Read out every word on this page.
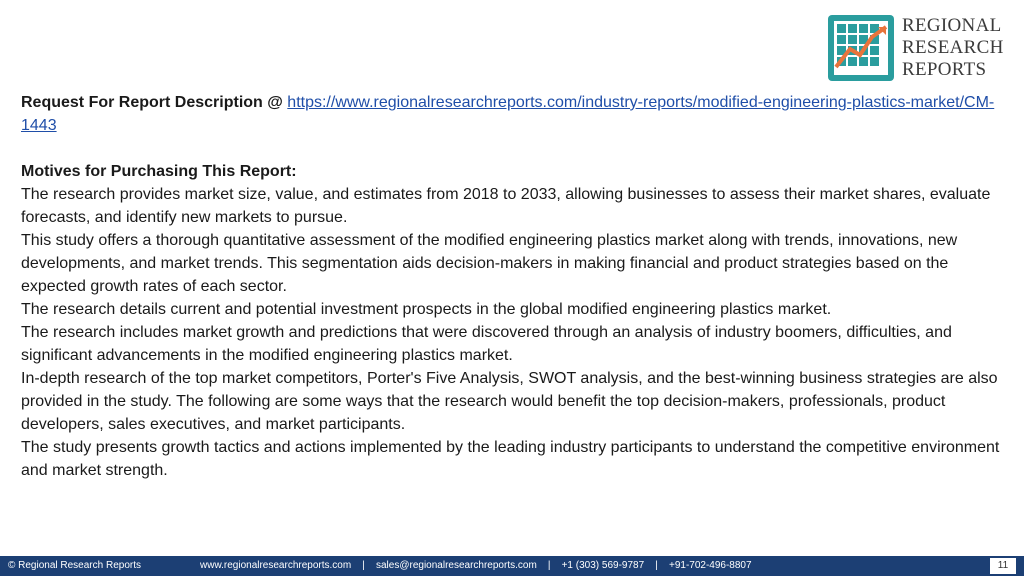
REGIONAL
RESEARCH
REPORTS

Request For Report Description @ https://www.regionalresearchreports.com/industry-reports/modified-engineering-plastics-market/CM-1443

Motives for Purchasing This Report:

The research provides market size, value, and estimates from 2018 to 2033, allowing businesses to assess their market shares, evaluate forecasts, and identify new markets to pursue.

This study offers a thorough quantitative assessment of the modified engineering plastics market along with trends, innovations, new developments, and market trends. This segmentation aids decision-makers in making financial and product strategies based on the expected growth rates of each sector.

The research details current and potential investment prospects in the global modified engineering plastics market.

The research includes market growth and predictions that were discovered through an analysis of industry boomers, difficulties, and significant advancements in the modified engineering plastics market.

In-depth research of the top market competitors, Porter's Five Analysis, SWOT analysis, and the best-winning business strategies are also provided in the study. The following are some ways that the research would benefit the top decision-makers, professionals, product developers, sales executives, and market participants.

The study presents growth tactics and actions implemented by the leading industry participants to understand the competitive environment and market strength.

© Regional Research Reports	www.regionalresearchreports.com    |    sales@regionalresearchreports.com    |    +1 (303) 569-9787    |    +91-702-496-8807	11
